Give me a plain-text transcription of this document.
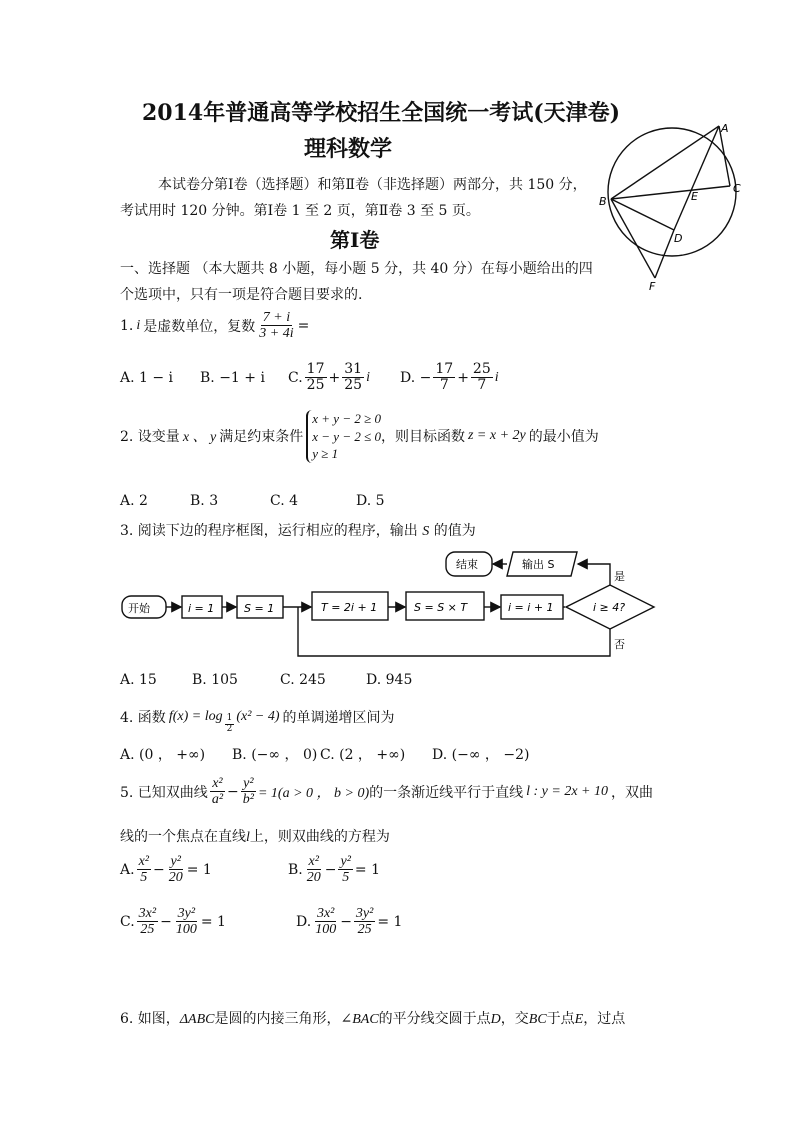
2014年普通高等学校招生全国统一考试(天津卷)
理科数学
本试卷分第Ⅰ卷（选择题）和第Ⅱ卷（非选择题）两部分，共 150 分，
考试用时 120 分钟。第Ⅰ卷 1 至 2 页，第Ⅱ卷 3 至 5 页。
第Ⅰ卷
A
B
C
E
D
F
一、选择题 （本大题共 8 小题，每小题 5 分，共 40 分）在每小题给出的四
个选项中，只有一项是符合题目要求的.
1. i 是虚数单位，复数 $\frac{7 + i}{3 + 4i}$ =
A. 1 − i	B. −1 + i	C. $\frac{17}{25} + \frac{31}{25}$ i D. − $\frac{17}{7} + \frac{25}{7}$ i
2. 设变量 x 、 y 满足约束条件
x + y − 2 ≥ 0
x − y − 2 ≤ 0
y ≥ 1
，则目标函数 z = x + 2y 的最小值为
A. 2	B. 3	C. 4	D. 5
3. 阅读下边的程序框图，运行相应的程序，输出 S 的值为
开始	i = 1	S = 1	T = 2i + 1	S = S × T	i = i + 1	i ≥ 4?
输出 S
结束
是
否
A. 15	B. 105	C. 245	D. 945
4. 函数 $f(x) = \log \frac{1}{2} (x^2 - 4)$ 的单调递增区间为
A. (0 ， +∞)	B. (−∞ ， 0) C. (2 ， +∞)	D. (−∞ ， −2)
5. 已知双曲线 $\frac{\text{x²}}{\text{a²}} - \frac{\text{y²}}{\text{b²}} = 1(a > 0$ ， b > 0) 的一条渐近线平行于直线 l : y = 2x + 10 ，双曲
线的一个焦点在直线l上，则双曲线的方程为
A. $\frac{\text{x²}}{5} - \frac{\text{y²}}{20} = 1$	B. $\frac{\text{x²}}{20} - \frac{\text{y²}}{5} = 1$
C. $\frac{\text{3x²}}{25} - \frac{\text{3y²}}{100} = 1$	D. $\frac{\text{3x²}}{100} - \frac{\text{3y²}}{25} = 1$
6. 如图，ΔABC是圆的内接三角形，∠BAC的平分线交圆于点D，交BC于点E，过点
